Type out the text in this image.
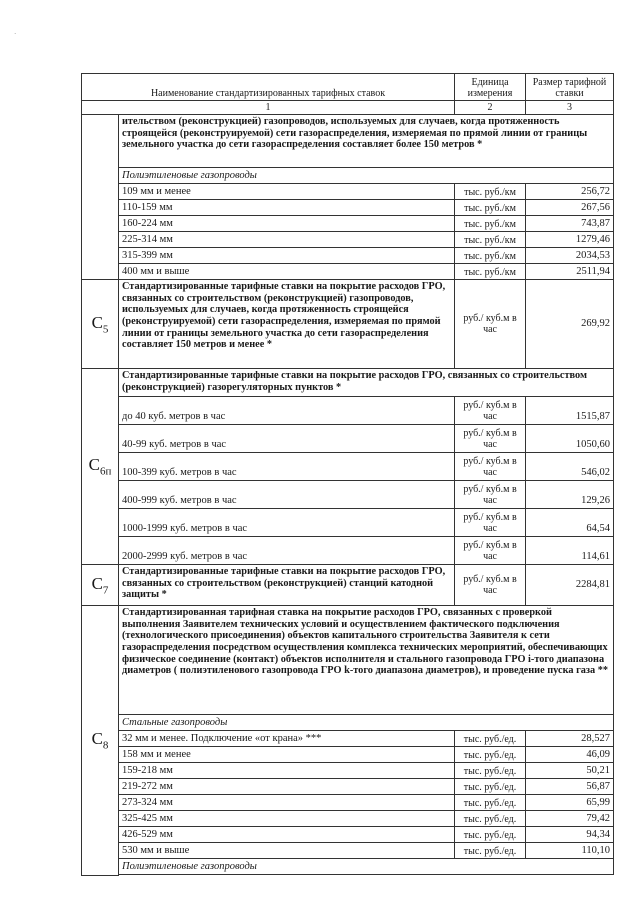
·
Наименование стандартизированных тарифных ставок		Единица измерения	Размер тарифной ставки
1		2	3
	ительством (реконструкцией) газопроводов, используемых для случаев, когда протяженность строящейся (реконструируемой) сети газораспределения, измеряемая по прямой линии от границы земельного участка до сети газораспределения составляет более 150 метров *		
	Полиэтиленовые газопроводы		
	109 мм и менее	тыс. руб./км	256,72
	110-159 мм	тыс. руб./км	267,56
	160-224 мм	тыс. руб./км	743,87
	225-314 мм	тыс. руб./км	1279,46
	315-399 мм	тыс. руб./км	2034,53
	400 мм и выше	тыс. руб./км	2511,94
$C_5$	Стандартизированные тарифные ставки на покрытие расходов ГРО, связанных со строительством (реконструкцией) газопроводов, используемых для случаев, когда протяженность строящейся (реконструируемой) сети газораспределения, измеряемая по прямой линии от границы земельного участка до сети газораспределения составляет 150 метров и менее *	руб./ куб.м в час	269,92
$C_{6п}$	Стандартизированные тарифные ставки на покрытие расходов ГРО, связанных со строительством (реконструкцией) газорегуляторных пунктов *		
	до 40 куб. метров в час	руб./ куб.м в час	1515,87
	40-99 куб. метров в час	руб./ куб.м в час	1050,60
	100-399 куб. метров в час	руб./ куб.м в час	546,02
	400-999 куб. метров в час	руб./ куб.м в час	129,26
	1000-1999 куб. метров в час	руб./ куб.м в час	64,54
	2000-2999 куб. метров в час	руб./ куб.м в час	114,61
$C_7$	Стандартизированные тарифные ставки на покрытие расходов ГРО, связанных со строительством (реконструкцией) станций катодной защиты *	руб./ куб.м в час	2284,81
$C_8$	Стандартизированная тарифная ставка на покрытие расходов ГРО, связанных с проверкой выполнения Заявителем технических условий и осуществлением фактического подключения (технологического присоединения) объектов капитального строительства Заявителя к сети газораспределения посредством осуществления комплекса технических мероприятий, обеспечивающих физическое соединение (контакт) объектов исполнителя и стального газопровода ГРО i-того диапазона диаметров ( полиэтиленового газопровода ГРО k-того диапазона диаметров), и проведение пуска газа **		
	Стальные газопроводы		
	32 мм и менее. Подключение «от крана» ***	тыс. руб./ед.	28,527
	158 мм и менее	тыс. руб./ед.	46,09
	159-218 мм	тыс. руб./ед.	50,21
	219-272 мм	тыс. руб./ед.	56,87
	273-324 мм	тыс. руб./ед.	65,99
	325-425 мм	тыс. руб./ед.	79,42
	426-529 мм	тыс. руб./ед.	94,34
	530 мм и выше	тыс. руб./ед.	110,10
	Полиэтиленовые газопроводы		
